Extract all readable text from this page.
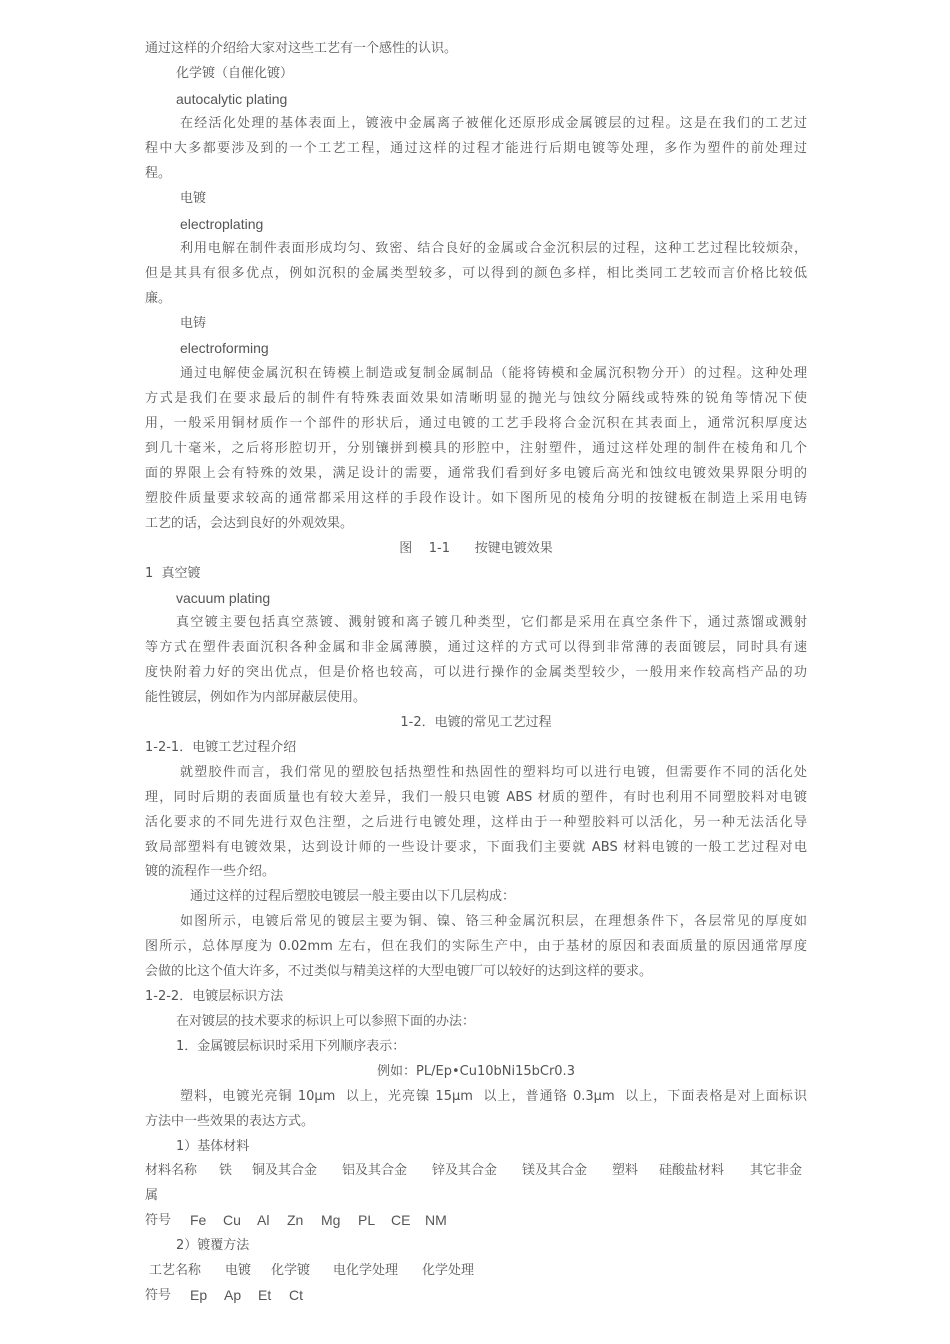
通过这样的介绍给大家对这些工艺有一个感性的认识。
化学镀（自催化镀）
autocalytic plating
在经活化处理的基体表面上，镀液中金属离子被催化还原形成金属镀层的过程。这是在我们的工艺过
程中大多都要涉及到的一个工艺工程，通过这样的过程才能进行后期电镀等处理，多作为塑件的前处理过
程。
电镀
electroplating
利用电解在制件表面形成均匀、致密、结合良好的金属或合金沉积层的过程，这种工艺过程比较烦杂，
但是其具有很多优点，例如沉积的金属类型较多，可以得到的颜色多样，相比类同工艺较而言价格比较低
廉。
电铸
electroforming
通过电解使金属沉积在铸模上制造或复制金属制品（能将铸模和金属沉积物分开）的过程。这种处理
方式是我们在要求最后的制件有特殊表面效果如清晰明显的抛光与蚀纹分隔线或特殊的锐角等情况下使
用，一般采用铜材质作一个部件的形状后，通过电镀的工艺手段将合金沉积在其表面上，通常沉积厚度达
到几十毫米，之后将形腔切开，分别镶拼到模具的形腔中，注射塑件，通过这样处理的制件在棱角和几个
面的界限上会有特殊的效果，满足设计的需要，通常我们看到好多电镀后高光和蚀纹电镀效果界限分明的
塑胶件质量要求较高的通常都采用这样的手段作设计。如下图所见的棱角分明的按键板在制造上采用电铸
工艺的话，会达到良好的外观效果。
图    1-1      按键电镀效果
1  真空镀
vacuum plating
真空镀主要包括真空蒸镀、溅射镀和离子镀几种类型，它们都是采用在真空条件下，通过蒸馏或溅射
等方式在塑件表面沉积各种金属和非金属薄膜，通过这样的方式可以得到非常薄的表面镀层，同时具有速
度快附着力好的突出优点，但是价格也较高，可以进行操作的金属类型较少，一般用来作较高档产品的功
能性镀层，例如作为内部屏蔽层使用。
1-2．电镀的常见工艺过程
1-2-1．电镀工艺过程介绍
就塑胶件而言，我们常见的塑胶包括热塑性和热固性的塑料均可以进行电镀，但需要作不同的活化处
理，同时后期的表面质量也有较大差异，我们一般只电镀 ABS 材质的塑件，有时也利用不同塑胶料对电镀
活化要求的不同先进行双色注塑，之后进行电镀处理，这样由于一种塑胶料可以活化，另一种无法活化导
致局部塑料有电镀效果，达到设计师的一些设计要求，下面我们主要就 ABS 材料电镀的一般工艺过程对电
镀的流程作一些介绍。
通过这样的过程后塑胶电镀层一般主要由以下几层构成：
如图所示，电镀后常见的镀层主要为铜、镍、铬三种金属沉积层，在理想条件下，各层常见的厚度如
图所示，总体厚度为 0.02mm 左右，但在我们的实际生产中，由于基材的原因和表面质量的原因通常厚度
会做的比这个值大许多，不过类似与精美这样的大型电镀厂可以较好的达到这样的要求。
1-2-2．电镀层标识方法
在对镀层的技术要求的标识上可以参照下面的办法：
1．金属镀层标识时采用下列顺序表示：
例如：PL/Ep•Cu10bNi15bCr0.3
塑料，电镀光亮铜 10μm  以上，光亮镍 15μm  以上，普通铬 0.3μm  以上，下面表格是对上面标识
方法中一些效果的表达方式。
1）基体材料
材料名称 铁 铜及其合金 铝及其合金 锌及其合金 镁及其合金 塑料 硅酸盐材料 其它非金
属
符号 Fe Cu Al Zn Mg PL CE NM
2）镀覆方法
工艺名称 电镀 化学镀 电化学处理 化学处理
符号 Ep Ap Et Ct
